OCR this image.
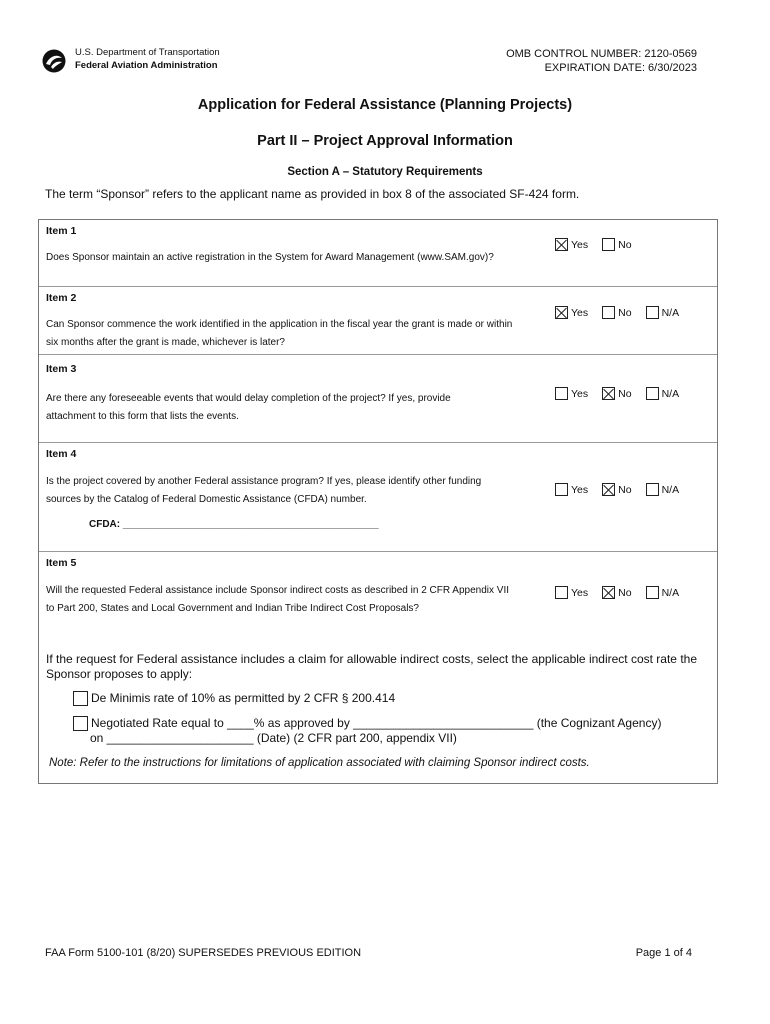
U.S. Department of Transportation
Federal Aviation Administration
OMB CONTROL NUMBER: 2120-0569
EXPIRATION DATE: 6/30/2023
Application for Federal Assistance (Planning Projects)
Part II – Project Approval Information
Section A – Statutory Requirements
The term “Sponsor” refers to the applicant name as provided in box 8 of the associated SF-424 form.
Item 1
Does Sponsor maintain an active registration in the System for Award Management (www.SAM.gov)?
Yes	No
Item 2
Can Sponsor commence the work identified in the application in the fiscal year the grant is made or within six months after the grant is made, whichever is later?
Yes	No	N/A
Item 3
Are there any foreseeable events that would delay completion of the project? If yes, provide attachment to this form that lists the events.
Yes	No	N/A
Item 4
Is the project covered by another Federal assistance program? If yes, please identify other funding sources by the Catalog of Federal Domestic Assistance (CFDA) number.
Yes	No	N/A
CFDA: ______________________________________________
Item 5
Will the requested Federal assistance include Sponsor indirect costs as described in 2 CFR Appendix VII to Part 200, States and Local Government and Indian Tribe Indirect Cost Proposals?
Yes	No	N/A
If the request for Federal assistance includes a claim for allowable indirect costs, select the applicable indirect cost rate the Sponsor proposes to apply:
De Minimis rate of 10% as permitted by 2 CFR § 200.414
Negotiated Rate equal to ____% as approved by ___________________________ (the Cognizant Agency)
on ______________________ (Date) (2 CFR part 200, appendix VII)
Note: Refer to the instructions for limitations of application associated with claiming Sponsor indirect costs.
FAA Form 5100-101 (8/20) SUPERSEDES PREVIOUS EDITION	Page 1 of 4
